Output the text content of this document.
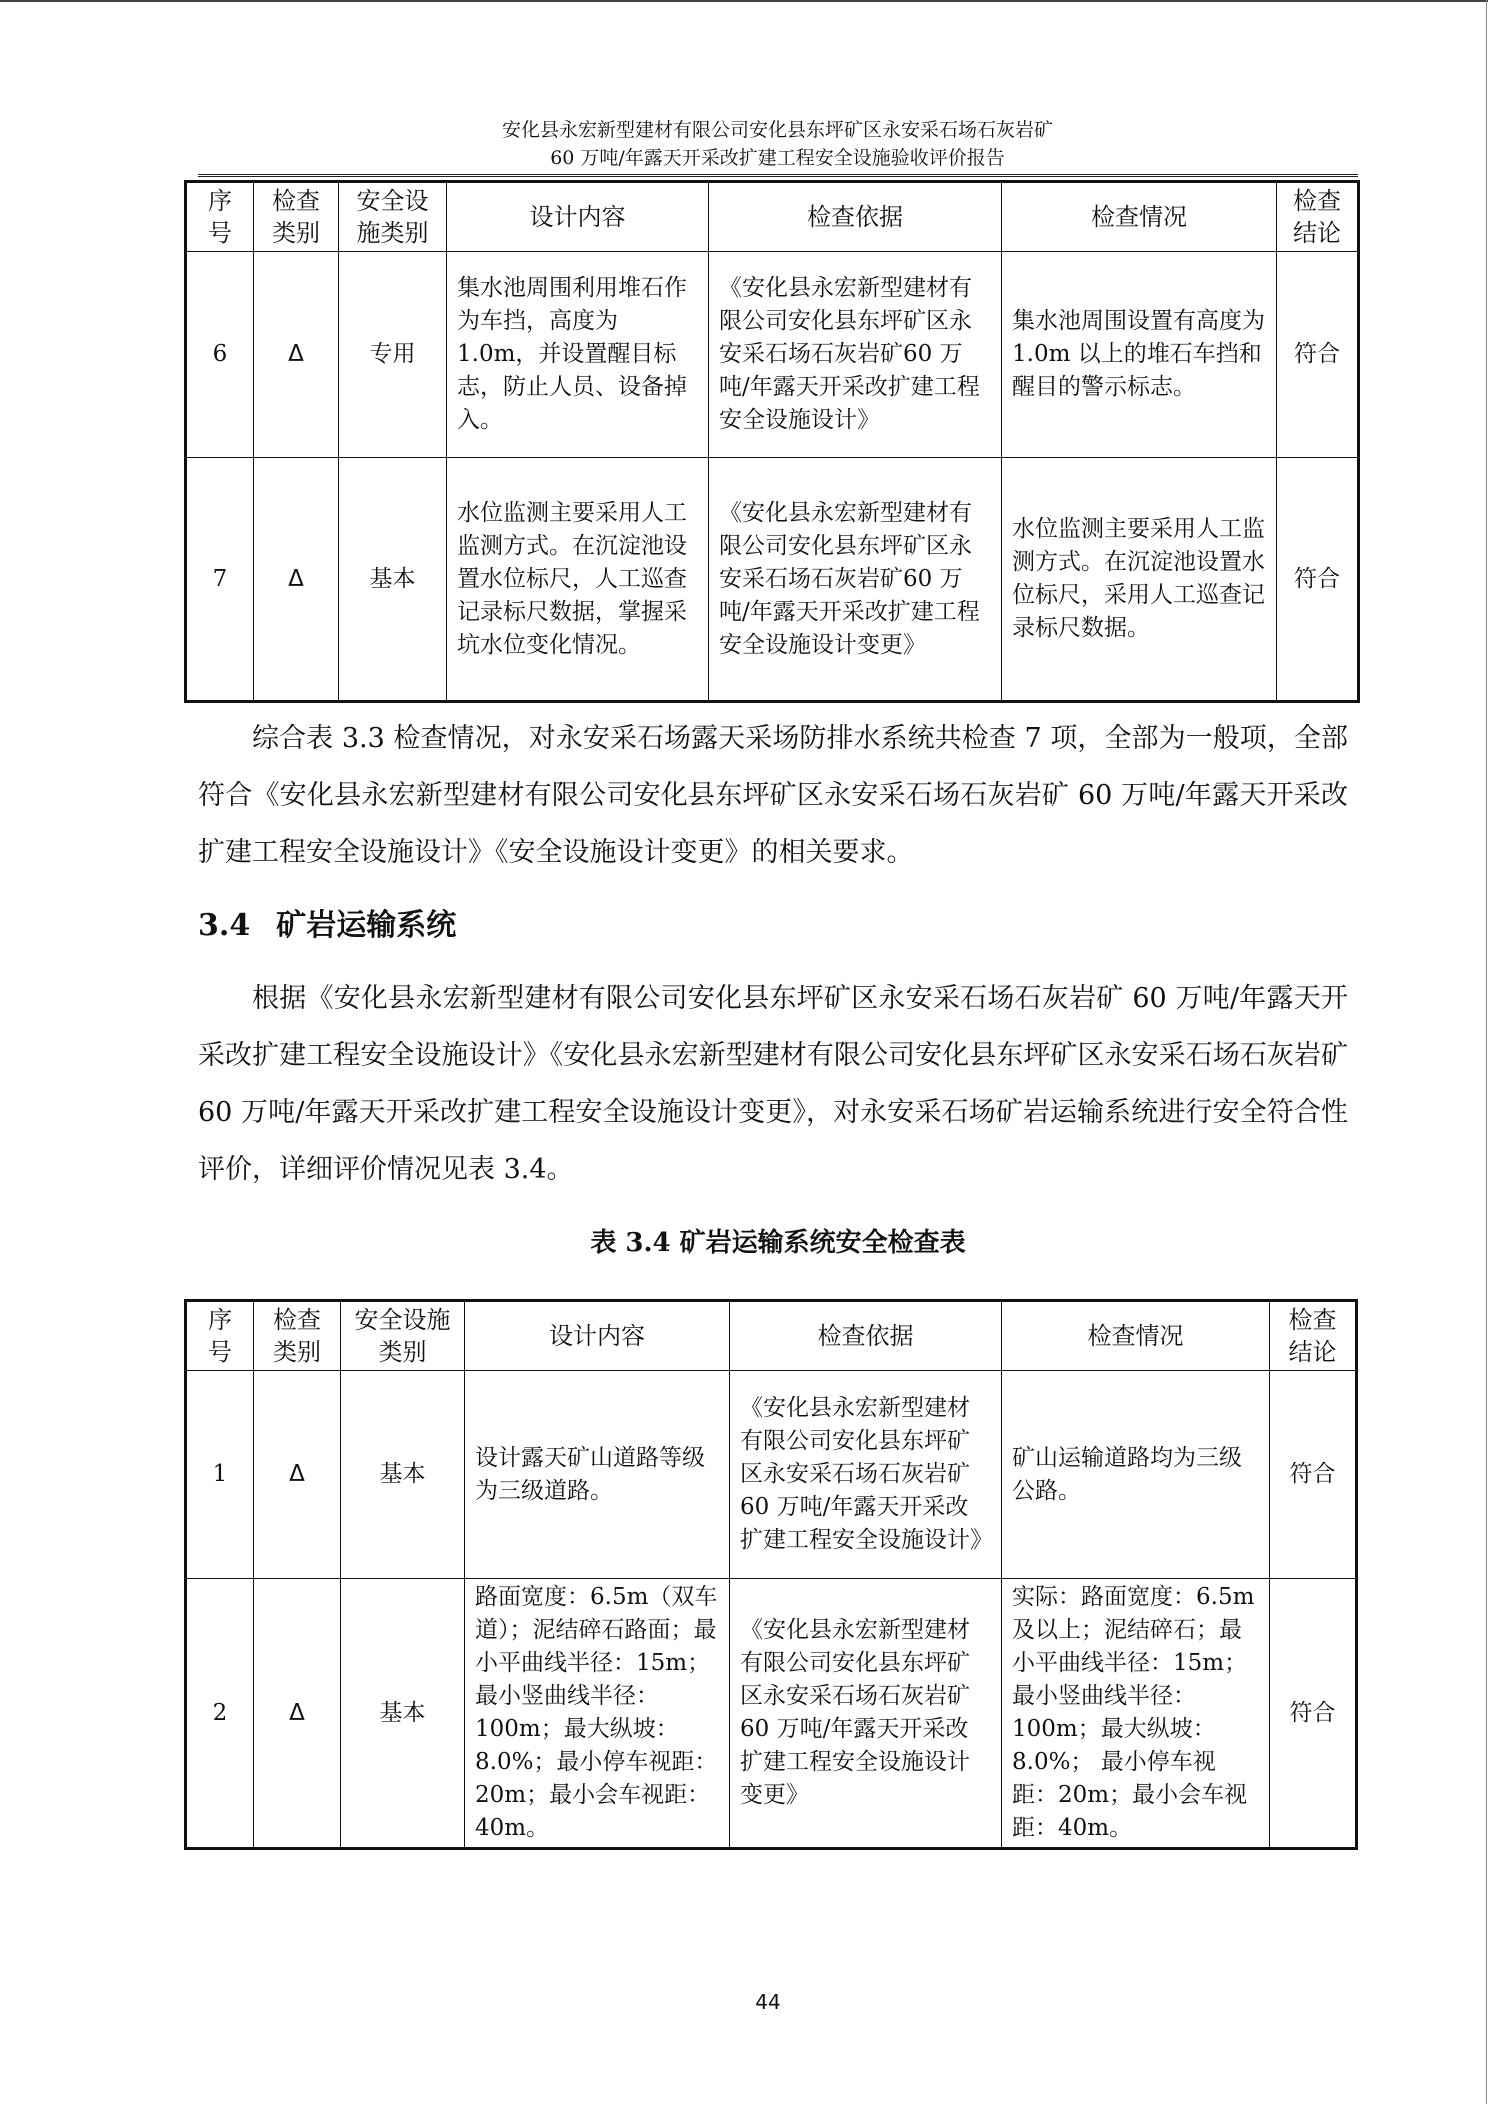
安化县永宏新型建材有限公司安化县东坪矿区永安采石场石灰岩矿
60 万吨/年露天开采改扩建工程安全设施验收评价报告
序号	检查类别	安全设施类别	设计内容	检查依据	检查情况	检查结论
6	Δ	专用	集水池周围利用堆石作为车挡，高度为1.0m，并设置醒目标志，防止人员、设备掉入。	《安化县永宏新型建材有限公司安化县东坪矿区永安采石场石灰岩矿60 万吨/年露天开采改扩建工程安全设施设计》	集水池周围设置有高度为 1.0m 以上的堆石车挡和醒目的警示标志。	符合
7	Δ	基本	水位监测主要采用人工监测方式。在沉淀池设置水位标尺，人工巡查记录标尺数据，掌握采坑水位变化情况。	《安化县永宏新型建材有限公司安化县东坪矿区永安采石场石灰岩矿60 万吨/年露天开采改扩建工程安全设施设计变更》	水位监测主要采用人工监测方式。在沉淀池设置水位标尺，采用人工巡查记录标尺数据。	符合

综合表 3.3 检查情况，对永安采石场露天采场防排水系统共检查 7 项，全部为一般项，全部符合《安化县永宏新型建材有限公司安化县东坪矿区永安采石场石灰岩矿 60 万吨/年露天开采改扩建工程安全设施设计》《安全设施设计变更》的相关要求。

3.4 矿岩运输系统

根据《安化县永宏新型建材有限公司安化县东坪矿区永安采石场石灰岩矿 60 万吨/年露天开采改扩建工程安全设施设计》《安化县永宏新型建材有限公司安化县东坪矿区永安采石场石灰岩矿 60 万吨/年露天开采改扩建工程安全设施设计变更》，对永安采石场矿岩运输系统进行安全符合性评价，详细评价情况见表 3.4。

表 3.4 矿岩运输系统安全检查表

序号	检查类别	安全设施类别	设计内容	检查依据	检查情况	检查结论
1	Δ	基本	设计露天矿山道路等级为三级道路。	《安化县永宏新型建材有限公司安化县东坪矿区永安采石场石灰岩矿 60 万吨/年露天开采改扩建工程安全设施设计》	矿山运输道路均为三级公路。	符合
2	Δ	基本	路面宽度：6.5m（双车道）；泥结碎石路面；最小平曲线半径：15m；最小竖曲线半径：100m；最大纵坡：8.0%；最小停车视距：20m；最小会车视距：40m。	《安化县永宏新型建材有限公司安化县东坪矿区永安采石场石灰岩矿 60 万吨/年露天开采改扩建工程安全设施设计变更》	实际：路面宽度：6.5m 及以上；泥结碎石；最小平曲线半径：15m；最小竖曲线半径：100m；最大纵坡：8.0%； 最小停车视距：20m；最小会车视距：40m。	符合
44
